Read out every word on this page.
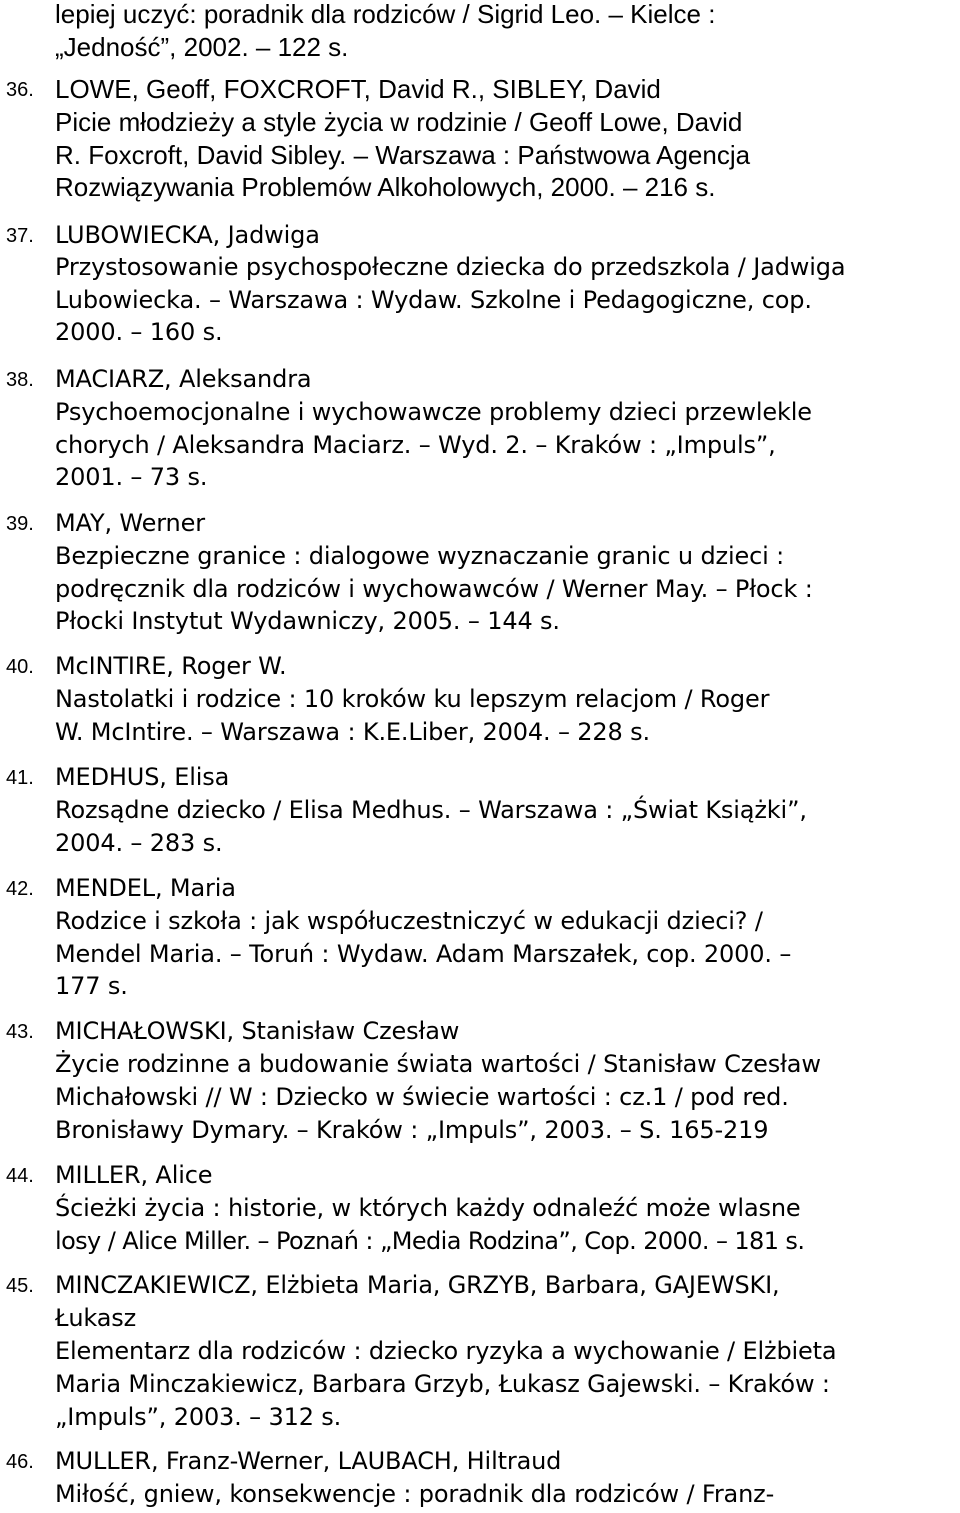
lepiej uczyć: poradnik dla rodziców / Sigrid Leo. – Kielce :
„Jedność”, 2002. – 122 s.
36. LOWE, Geoff, FOXCROFT, David R., SIBLEY, David
Picie młodzieży a style życia w rodzinie / Geoff Lowe, David
R. Foxcroft, David Sibley. – Warszawa : Państwowa Agencja
Rozwiązywania Problemów Alkoholowych, 2000. – 216 s.
37. LUBOWIECKA, Jadwiga
Przystosowanie psychospołeczne dziecka do przedszkola / Jadwiga
Lubowiecka. – Warszawa : Wydaw. Szkolne i Pedagogiczne, cop.
2000. – 160 s.
38. MACIARZ, Aleksandra
Psychoemocjonalne i wychowawcze problemy dzieci przewlekle
chorych / Aleksandra Maciarz. – Wyd. 2. – Kraków : „Impuls”,
2001. – 73 s.
39. MAY, Werner
Bezpieczne granice : dialogowe wyznaczanie granic u dzieci :
podręcznik dla rodziców i wychowawców / Werner May. – Płock :
Płocki Instytut Wydawniczy, 2005. – 144 s.
40. McINTIRE, Roger W.
Nastolatki i rodzice : 10 kroków ku lepszym relacjom / Roger
W. McIntire. – Warszawa : K.E.Liber, 2004. – 228 s.
41. MEDHUS, Elisa
Rozsądne dziecko / Elisa Medhus. – Warszawa : „Świat Książki”,
2004. – 283 s.
42. MENDEL, Maria
Rodzice i szkoła : jak współuczestniczyć w edukacji dzieci? /
Mendel Maria. – Toruń : Wydaw. Adam Marszałek, cop. 2000. –
177 s.
43. MICHAŁOWSKI, Stanisław Czesław
Życie rodzinne a budowanie świata wartości / Stanisław Czesław
Michałowski // W : Dziecko w świecie wartości : cz.1 / pod red.
Bronisławy Dymary. – Kraków : „Impuls”, 2003. – S. 165-219
44. MILLER, Alice
Ścieżki życia : historie, w których każdy odnaleźć może wlasne
losy / Alice Miller. – Poznań : „Media Rodzina”, Cop. 2000. – 181 s.
45. MINCZAKIEWICZ, Elżbieta Maria, GRZYB, Barbara, GAJEWSKI,
Łukasz
Elementarz dla rodziców : dziecko ryzyka a wychowanie / Elżbieta
Maria Minczakiewicz, Barbara Grzyb, Łukasz Gajewski. – Kraków :
„Impuls”, 2003. – 312 s.
46. MULLER, Franz-Werner, LAUBACH, Hiltraud
Miłość, gniew, konsekwencje : poradnik dla rodziców / Franz-
